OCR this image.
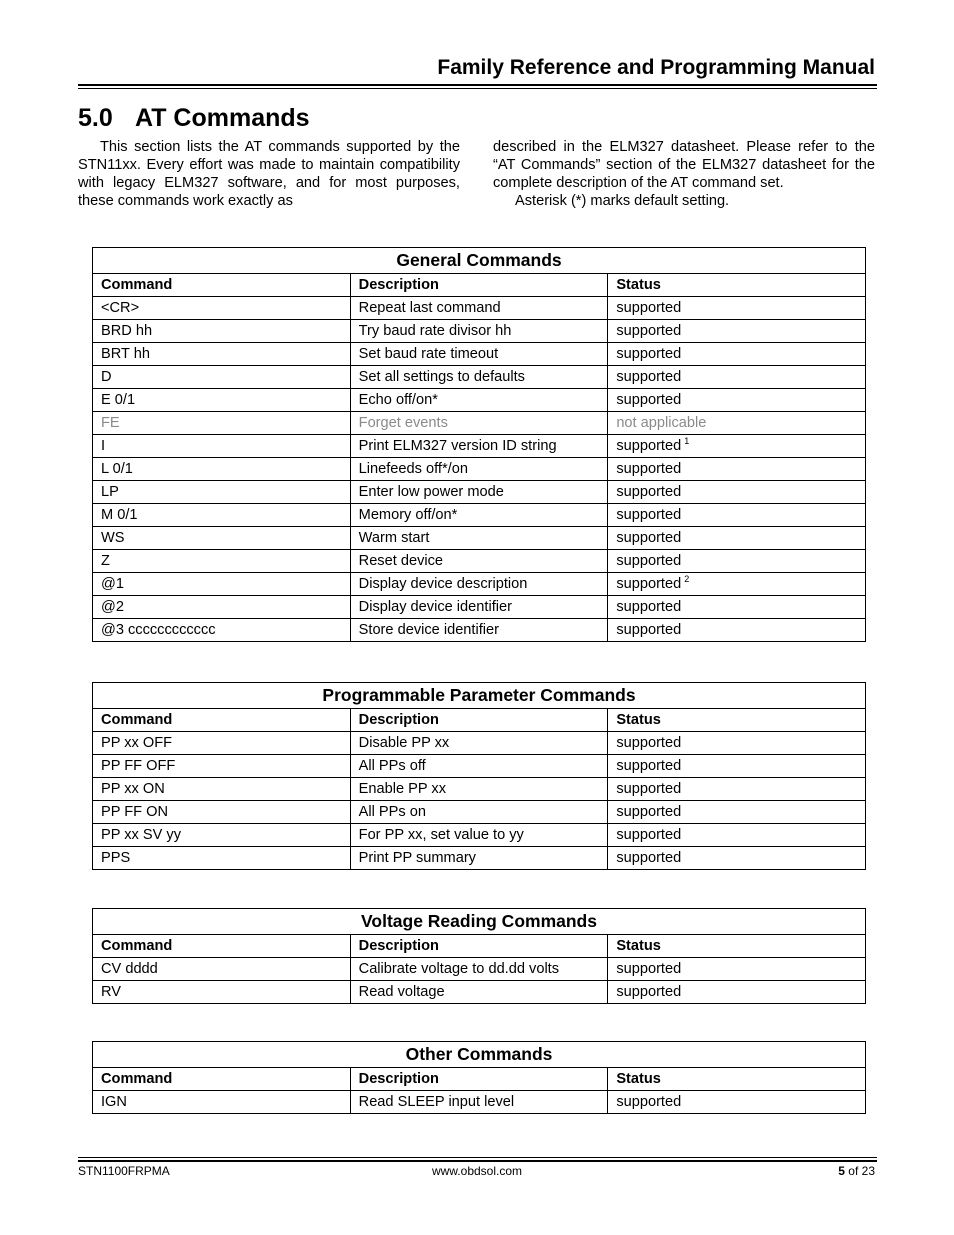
Family Reference and Programming Manual
5.0 AT Commands

This section lists the AT commands supported by the STN11xx. Every effort was made to maintain compatibility with legacy ELM327 software, and for most purposes, these commands work exactly as

described in the ELM327 datasheet. Please refer to the “AT Commands” section of the ELM327 datasheet for the complete description of the AT command set.

Asterisk (*) marks default setting.

General Commands		
Command	Description	Status
<CR>	Repeat last command	supported
BRD hh	Try baud rate divisor hh	supported
BRT hh	Set baud rate timeout	supported
D	Set all settings to defaults	supported
E 0/1	Echo off/on*	supported
FE	Forget events	not applicable
I	Print ELM327 version ID string	supported $^1$
L 0/1	Linefeeds off*/on	supported
LP	Enter low power mode	supported
M 0/1	Memory off/on*	supported
WS	Warm start	supported
Z	Reset device	supported
@1	Display device description	supported $^2$
@2	Display device identifier	supported
@3 cccccccccccc	Store device identifier	supported
Programmable Parameter Commands		
Command	Description	Status
PP xx OFF	Disable PP xx	supported
PP FF OFF	All PPs off	supported
PP xx ON	Enable PP xx	supported
PP FF ON	All PPs on	supported
PP xx SV yy	For PP xx, set value to yy	supported
PPS	Print PP summary	supported
Voltage Reading Commands		
Command	Description	Status
CV dddd	Calibrate voltage to dd.dd volts	supported
RV	Read voltage	supported
Other Commands		
Command	Description	Status
IGN	Read SLEEP input level	supported
STN1100FRPMA	www.obdsol.com	5 of 23
